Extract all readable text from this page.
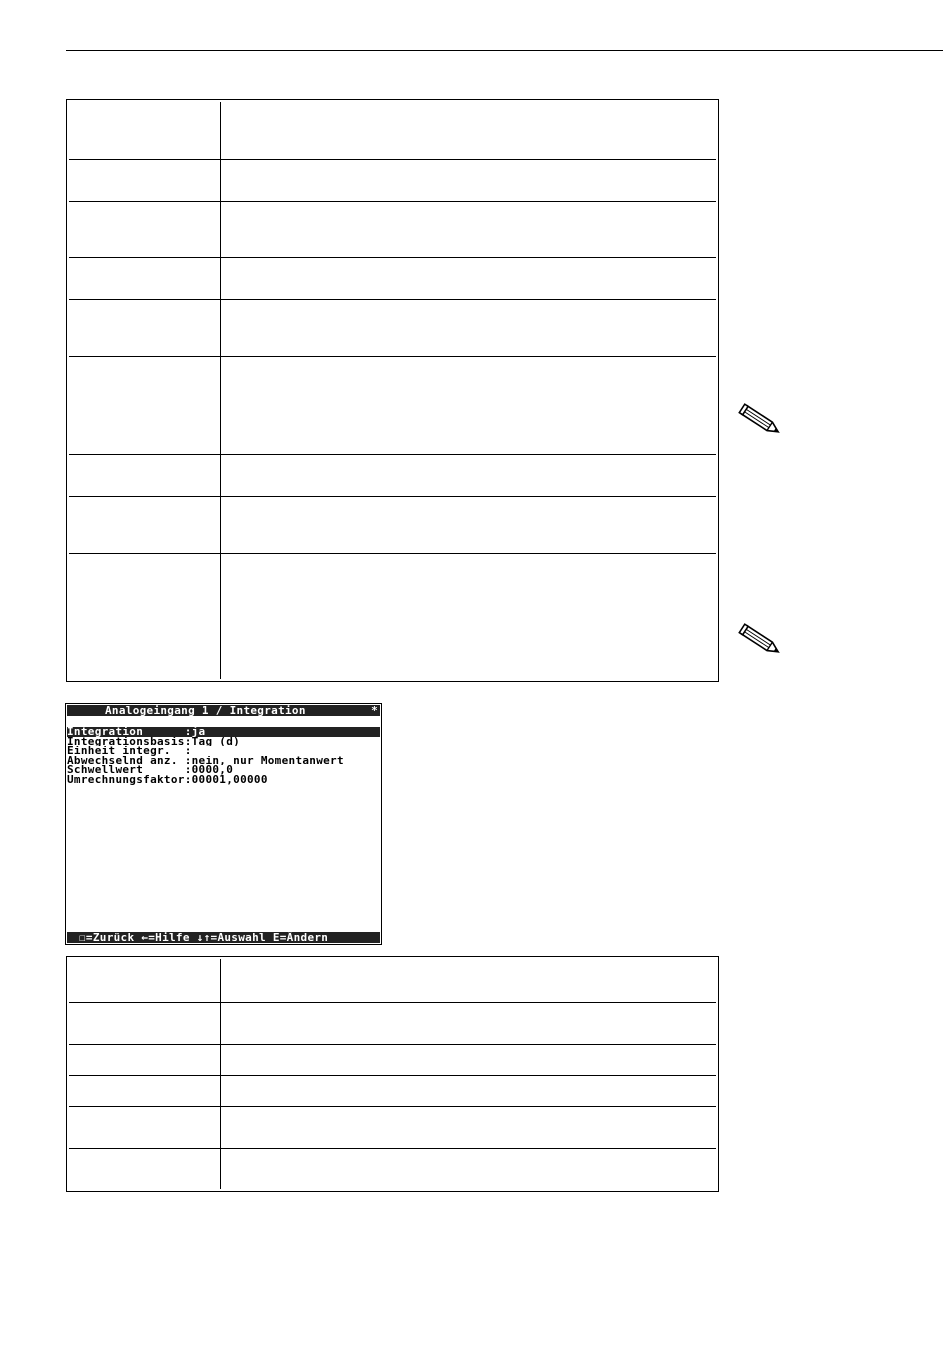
Analogeingang 1 / Integration

	*

Integration      :ja
Integrationsbasis:Tag (d)
Einheit integr.  :
Abwechselnd anz. :nein, nur Momentanwert
Schwellwert      :0000,0
Umrechnungsfaktor:00001,00000

☐=Zurück ←=Hilfe ↓↑=Auswahl E=Ändern
